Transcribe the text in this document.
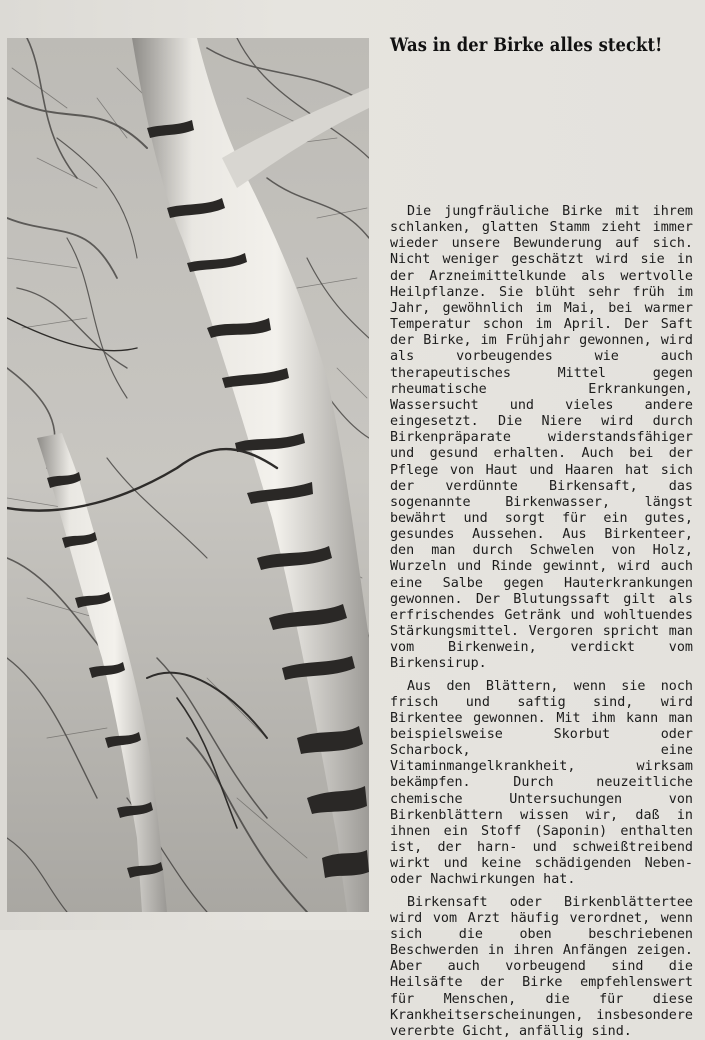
Was in der Birke alles steckt!

Die jungfräuliche Birke mit ihrem schlanken, glatten Stamm zieht immer wieder unsere Bewunderung auf sich. Nicht weniger geschätzt wird sie in der Arzneimittelkunde als wertvolle Heilpflanze. Sie blüht sehr früh im Jahr, gewöhnlich im Mai, bei warmer Temperatur schon im April. Der Saft der Birke, im Frühjahr gewonnen, wird als vorbeugendes wie auch therapeutisches Mittel gegen rheumatische Erkrankungen, Wassersucht und vieles andere eingesetzt. Die Niere wird durch Birkenpräparate widerstandsfähiger und gesund erhalten. Auch bei der Pflege von Haut und Haaren hat sich der verdünnte Birkensaft, das sogenannte Birkenwasser, längst bewährt und sorgt für ein gutes, gesundes Aussehen. Aus Birkenteer, den man durch Schwelen von Holz, Wurzeln und Rinde gewinnt, wird auch eine Salbe gegen Hauterkrankungen gewonnen. Der Blutungssaft gilt als erfrischendes Getränk und wohltuendes Stärkungsmittel. Vergoren spricht man vom Birkenwein, verdickt vom Birkensirup.

Aus den Blättern, wenn sie noch frisch und saftig sind, wird Birkentee gewonnen. Mit ihm kann man beispielsweise Skorbut oder Scharbock, eine Vitaminmangelkrankheit, wirksam bekämpfen. Durch neuzeitliche chemische Untersuchungen von Birkenblättern wissen wir, daß in ihnen ein Stoff (Saponin) enthalten ist, der harn- und schweißtreibend wirkt und keine schädigenden Neben- oder Nachwirkungen hat.

Birkensaft oder Birkenblättertee wird vom Arzt häufig verordnet, wenn sich die oben beschriebenen Beschwerden in ihren Anfängen zeigen. Aber auch vorbeugend sind die Heilsäfte der Birke empfehlenswert für Menschen, die für diese Krankheitserscheinungen, insbesondere vererbte Gicht, anfällig sind.
